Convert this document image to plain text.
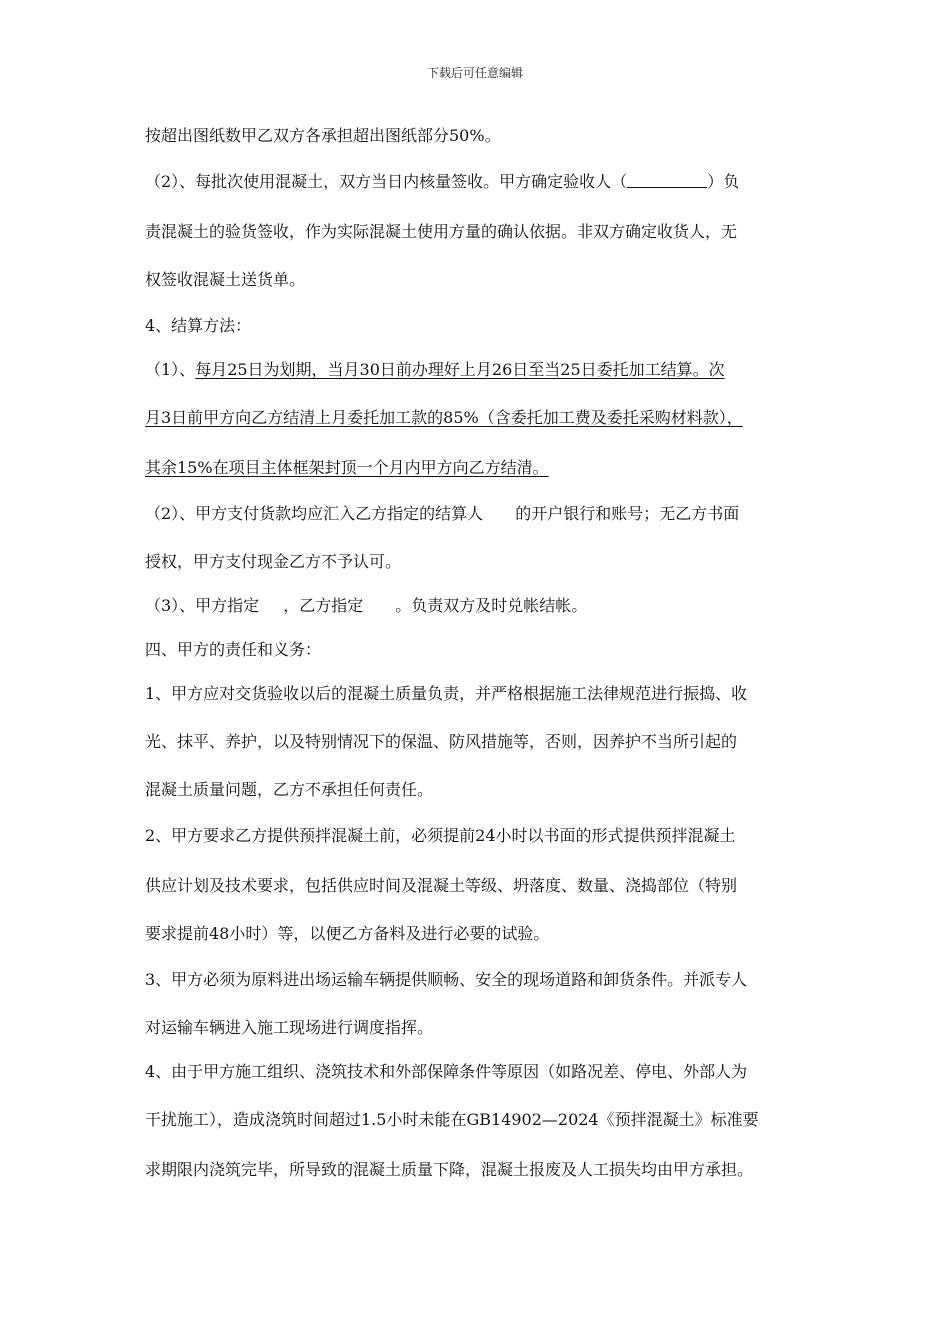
下载后可任意编辑
按超出图纸数甲乙双方各承担超出图纸部分50%。
（2）、每批次使用混凝土，双方当日内核量签收。甲方确定验收人（	）负
责混凝土的验货签收，作为实际混凝土使用方量的确认依据。非双方确定收货人，无
权签收混凝土送货单。
4、结算方法：
（1）、每月25日为划期，当月30日前办理好上月26日至当25日委托加工结算。次
月3日前甲方向乙方结清上月委托加工款的85%（含委托加工费及委托采购材料款），
其余15%在项目主体框架封顶一个月内甲方向乙方结清。
（2）、甲方支付货款均应汇入乙方指定的结算人 的开户银行和账号；无乙方书面
授权，甲方支付现金乙方不予认可。
（3）、甲方指定 ，乙方指定 。负责双方及时兑帐结帐。
四、甲方的责任和义务：
1、甲方应对交货验收以后的混凝土质量负责，并严格根据施工法律规范进行振捣、收
光、抹平、养护，以及特别情况下的保温、防风措施等，否则，因养护不当所引起的
混凝土质量问题，乙方不承担任何责任。
2、甲方要求乙方提供预拌混凝土前，必须提前24小时以书面的形式提供预拌混凝土
供应计划及技术要求，包括供应时间及混凝土等级、坍落度、数量、浇捣部位（特别
要求提前48小时）等，以便乙方备料及进行必要的试验。
3、甲方必须为原料进出场运输车辆提供顺畅、安全的现场道路和卸货条件。并派专人
对运输车辆进入施工现场进行调度指挥。
4、由于甲方施工组织、浇筑技术和外部保障条件等原因（如路况差、停电、外部人为
干扰施工），造成浇筑时间超过1.5小时未能在GB14902—2024《预拌混凝土》标准要
求期限内浇筑完毕，所导致的混凝土质量下降，混凝土报废及人工损失均由甲方承担。
